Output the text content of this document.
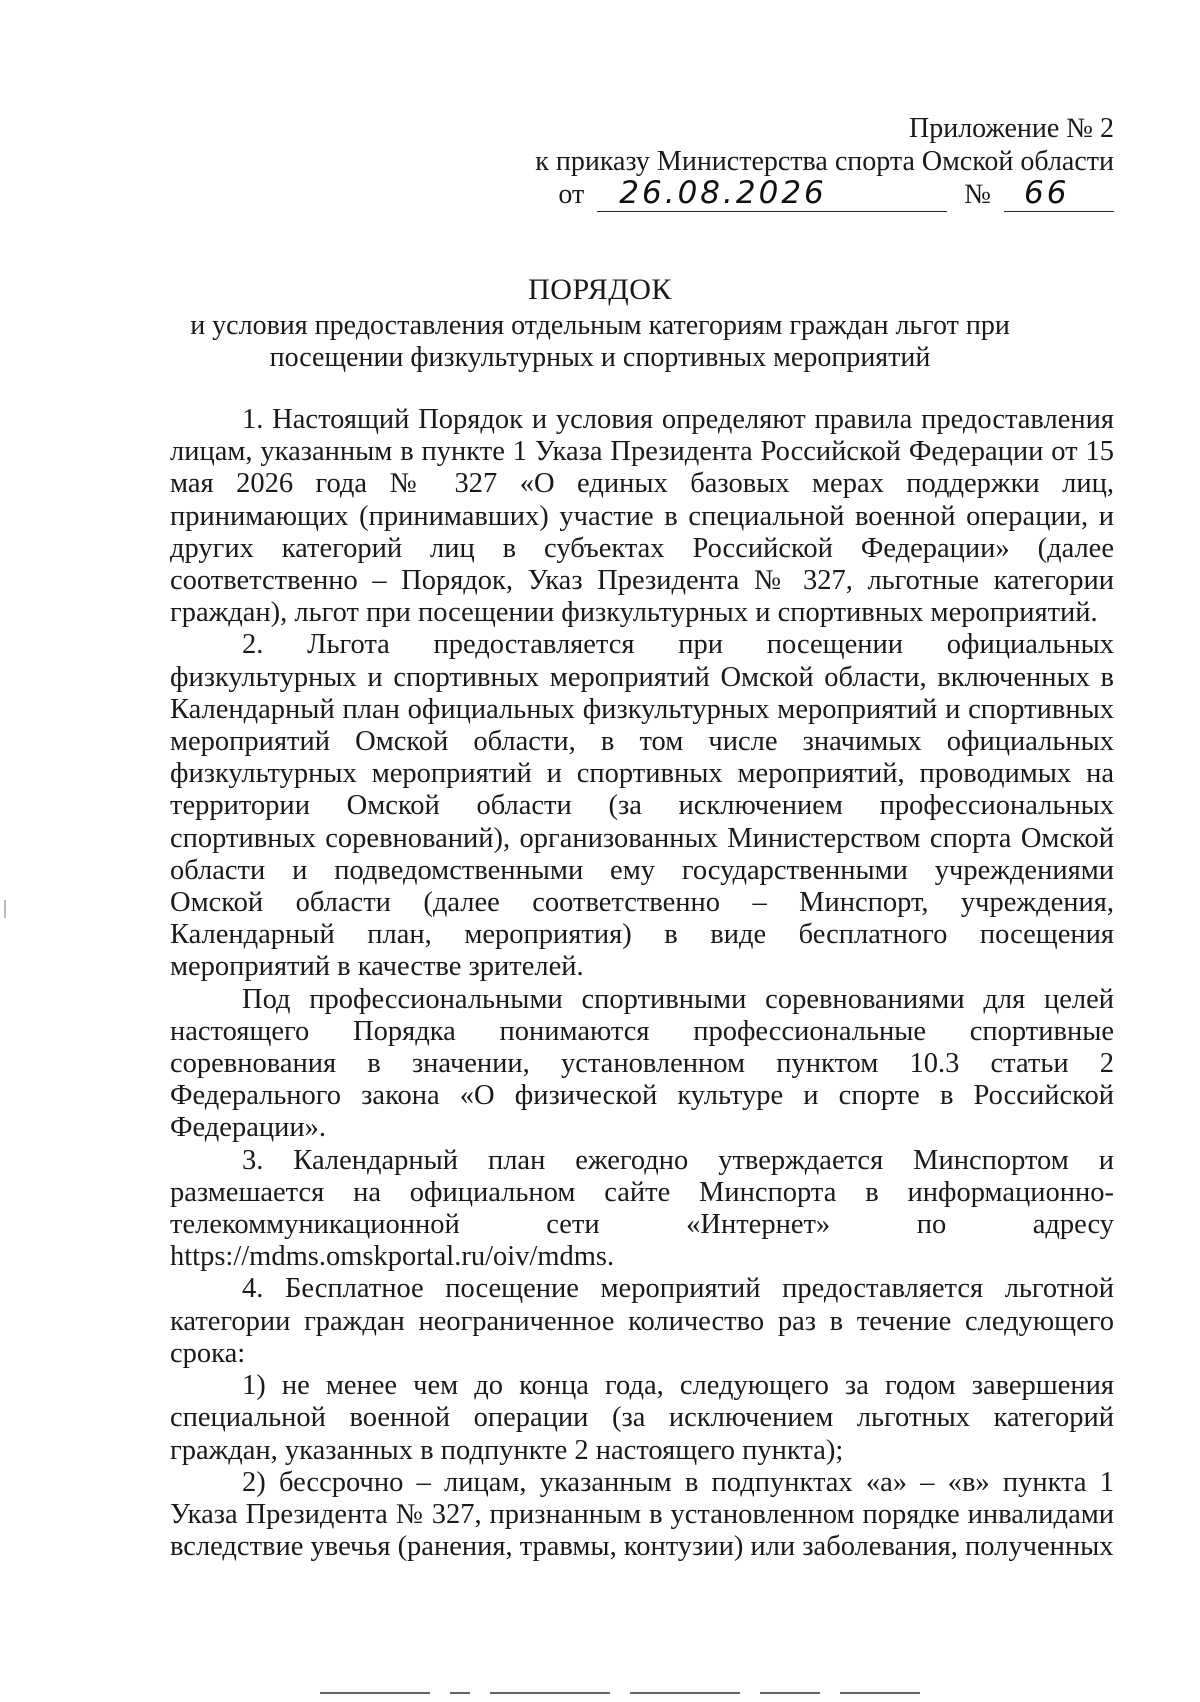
Приложение № 2
к приказу Министерства спорта Омской области
от 26.08.2026	№ 66
ПОРЯДОК
и условия предоставления отдельным категориям граждан льгот при
посещении физкультурных и спортивных мероприятий

1. Настоящий Порядок и условия определяют правила предоставления лицам, указанным в пункте 1 Указа Президента Российской Федерации от 15 мая 2026 года № 327 «О единых базовых мерах поддержки лиц, принимающих (принимавших) участие в специальной военной операции, и других категорий лиц в субъектах Российской Федерации» (далее соответственно – Порядок, Указ Президента № 327, льготные категории граждан), льгот при посещении физкультурных и спортивных мероприятий.

2. Льгота предоставляется при посещении официальных физкультурных и спортивных мероприятий Омской области, включенных в Календарный план официальных физкультурных мероприятий и спортивных мероприятий Омской области, в том числе значимых официальных физкультурных мероприятий и спортивных мероприятий, проводимых на территории Омской области (за исключением профессиональных спортивных соревнований), организованных Министерством спорта Омской области и подведомственными ему государственными учреждениями Омской области (далее соответственно – Минспорт, учреждения, Календарный план, мероприятия) в виде бесплатного посещения мероприятий в качестве зрителей.

Под профессиональными спортивными соревнованиями для целей настоящего Порядка понимаются профессиональные спортивные соревнования в значении, установленном пунктом 10.3 статьи 2 Федерального закона «О физической культуре и спорте в Российской Федерации».

3. Календарный план ежегодно утверждается Минспортом и размешается на официальном сайте Минспорта в информационно-телекоммуникационной сети «Интернет» по адресу https://mdms.omskportal.ru/oiv/mdms.

4. Бесплатное посещение мероприятий предоставляется льготной категории граждан неограниченное количество раз в течение следующего срока:

1) не менее чем до конца года, следующего за годом завершения специальной военной операции (за исключением льготных категорий граждан, указанных в подпункте 2 настоящего пункта);

2) бессрочно – лицам, указанным в подпунктах «а» – «в» пункта 1 Указа Президента № 327, признанным в установленном порядке инвалидами вследствие увечья (ранения, травмы, контузии) или заболевания, полученных
